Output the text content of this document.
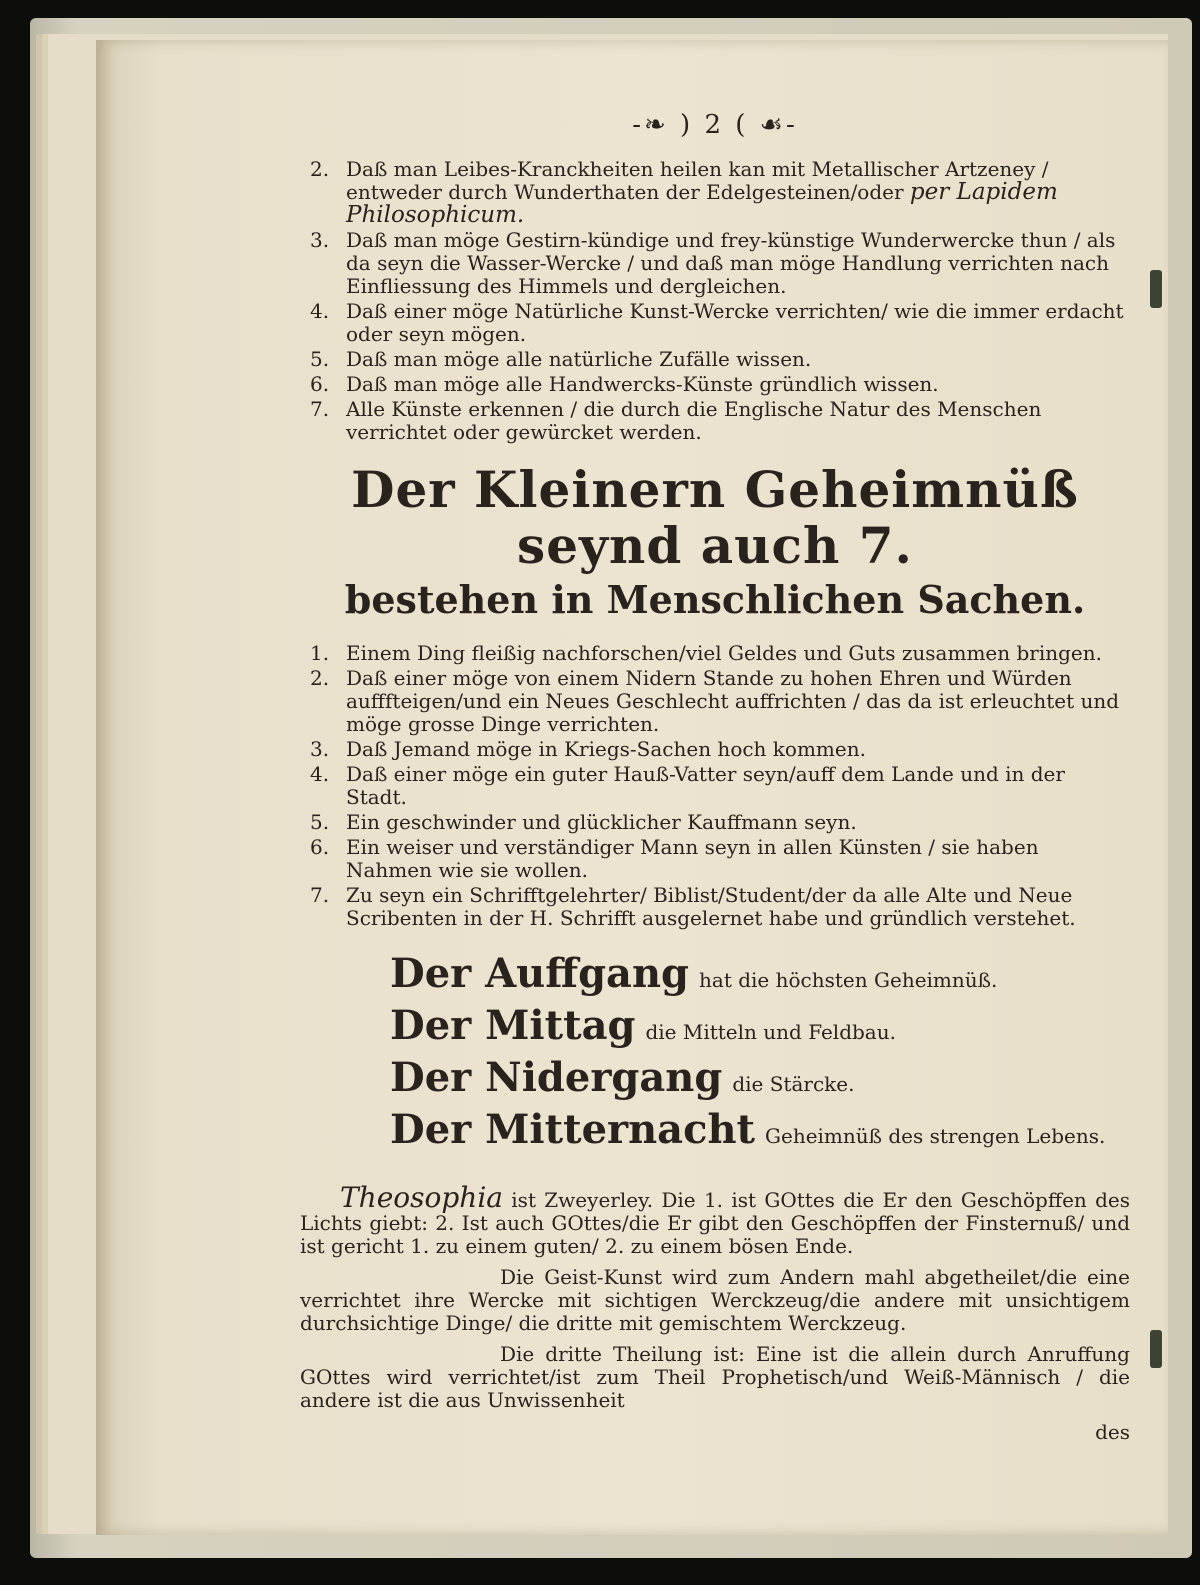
-❧ ) 2 ( ☙-
2. Daß man Leibes-Kranckheiten heilen kan mit Metallischer Artzeney / entweder durch Wunderthaten der Edelgesteinen/oder per Lapidem Philosophicum.
3. Daß man möge Gestirn-kündige und frey-künstige Wunderwercke thun / als da seyn die Wasser-Wercke / und daß man möge Handlung verrichten nach Einfliessung des Himmels und dergleichen.
4. Daß einer möge Natürliche Kunst-Wercke verrichten/ wie die immer erdacht oder seyn mögen.
5. Daß man möge alle natürliche Zufälle wissen.
6. Daß man möge alle Handwercks-Künste gründlich wissen.
7. Alle Künste erkennen / die durch die Englische Natur des Menschen verrichtet oder gewürcket werden.
Der Kleinern Geheimnüß seynd auch 7.
bestehen in Menschlichen Sachen.
1. Einem Ding fleißig nachforschen/viel Geldes und Guts zusammen bringen.
2. Daß einer möge von einem Nidern Stande zu hohen Ehren und Würden aufffteigen/und ein Neues Geschlecht auffrichten / das da ist erleuchtet und möge grosse Dinge verrichten.
3. Daß Jemand möge in Kriegs-Sachen hoch kommen.
4. Daß einer möge ein guter Hauß-Vatter seyn/auff dem Lande und in der Stadt.
5. Ein geschwinder und glücklicher Kauffmann seyn.
6. Ein weiser und verständiger Mann seyn in allen Künsten / sie haben Nahmen wie sie wollen.
7. Zu seyn ein Schrifftgelehrter/ Biblist/Student/der da alle Alte und Neue Scribenten in der H. Schrifft ausgelernet habe und gründlich verstehet.

Der Auffgang hat die höchsten Geheimnüß.

Der Mittag die Mitteln und Feldbau.

Der Nidergang die Stärcke.

Der Mitternacht Geheimnüß des strengen Lebens.

Theosophia ist Zweyerley. Die 1. ist GOttes die Er den Geschöpffen des Lichts giebt: 2. Ist auch GOttes/die Er gibt den Geschöpffen der Finsternuß/ und ist gericht 1. zu einem guten/ 2. zu einem bösen Ende.

Die Geist-Kunst wird zum Andern mahl abgetheilet/die eine verrichtet ihre Wercke mit sichtigen Werckzeug/die andere mit unsichtigem durchsichtige Dinge/ die dritte mit gemischtem Werckzeug.

Die dritte Theilung ist: Eine ist die allein durch Anruffung GOttes wird verrichtet/ist zum Theil Prophetisch/und Weiß-Männisch / die andere ist die aus Unwissenheit

des
